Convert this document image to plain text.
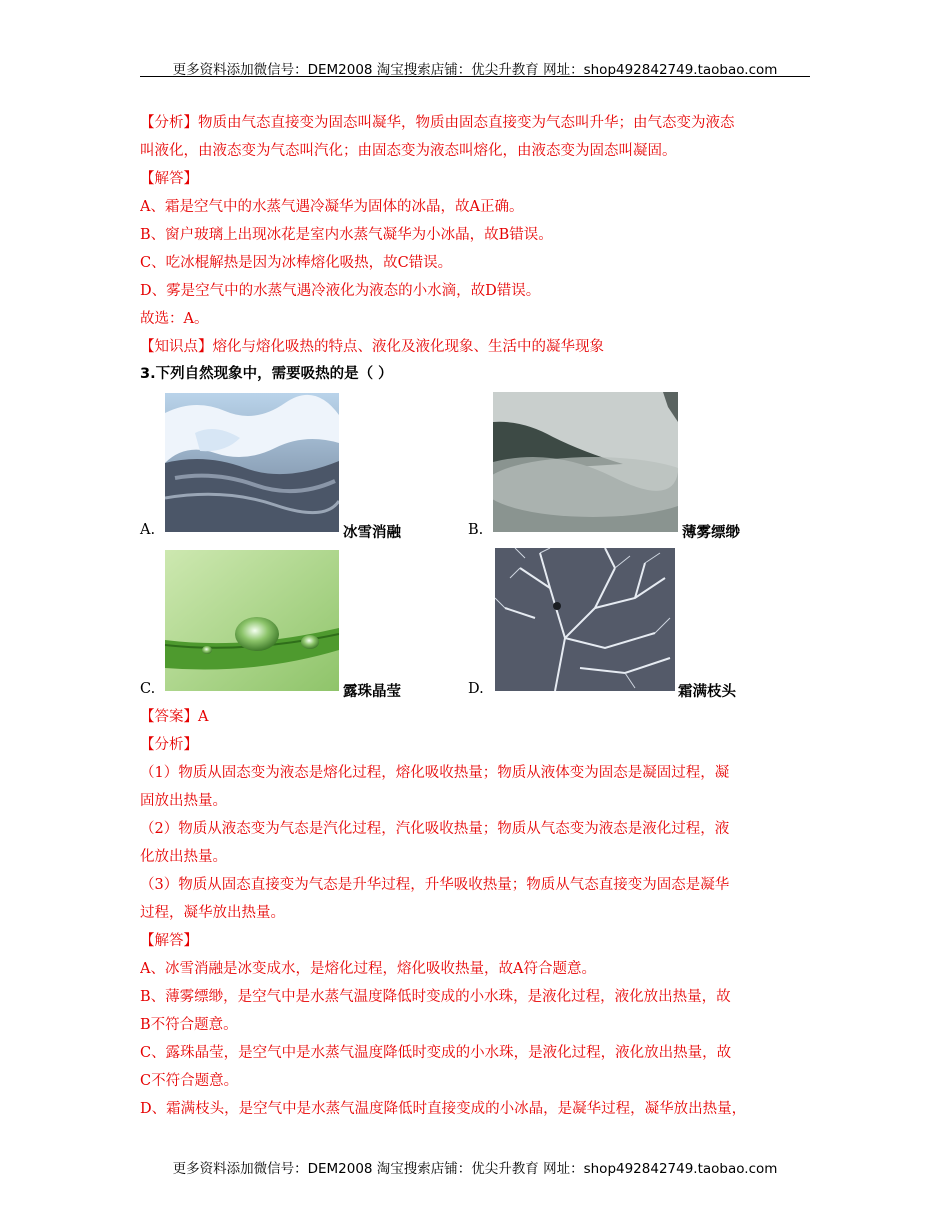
更多资料添加微信号：DEM2008 淘宝搜索店铺：优尖升教育 网址：shop492842749.taobao.com
【分析】物质由气态直接变为固态叫凝华，物质由固态直接变为气态叫升华；由气态变为液态
叫液化，由液态变为气态叫汽化；由固态变为液态叫熔化，由液态变为固态叫凝固。
【解答】
A、霜是空气中的水蒸气遇冷凝华为固体的冰晶，故A正确。
B、窗户玻璃上出现冰花是室内水蒸气凝华为小冰晶，故B错误。
C、吃冰棍解热是因为冰棒熔化吸热，故C错误。
D、雾是空气中的水蒸气遇冷液化为液态的小水滴，故D错误。
故选：A。
【知识点】熔化与熔化吸热的特点、液化及液化现象、生活中的凝华现象
3.下列自然现象中，需要吸热的是（ ）
A.	冰雪消融	B.	薄雾缥缈
C.	露珠晶莹	D.	霜满枝头
【答案】A
【分析】
（1）物质从固态变为液态是熔化过程，熔化吸收热量；物质从液体变为固态是凝固过程，凝
固放出热量。
（2）物质从液态变为气态是汽化过程，汽化吸收热量；物质从气态变为液态是液化过程，液
化放出热量。
（3）物质从固态直接变为气态是升华过程，升华吸收热量；物质从气态直接变为固态是凝华
过程，凝华放出热量。
【解答】
A、冰雪消融是冰变成水，是熔化过程，熔化吸收热量，故A符合题意。
B、薄雾缥缈，是空气中是水蒸气温度降低时变成的小水珠，是液化过程，液化放出热量，故
B不符合题意。
C、露珠晶莹，是空气中是水蒸气温度降低时变成的小水珠，是液化过程，液化放出热量，故
C不符合题意。
D、霜满枝头，是空气中是水蒸气温度降低时直接变成的小冰晶，是凝华过程，凝华放出热量，
更多资料添加微信号：DEM2008 淘宝搜索店铺：优尖升教育 网址：shop492842749.taobao.com
